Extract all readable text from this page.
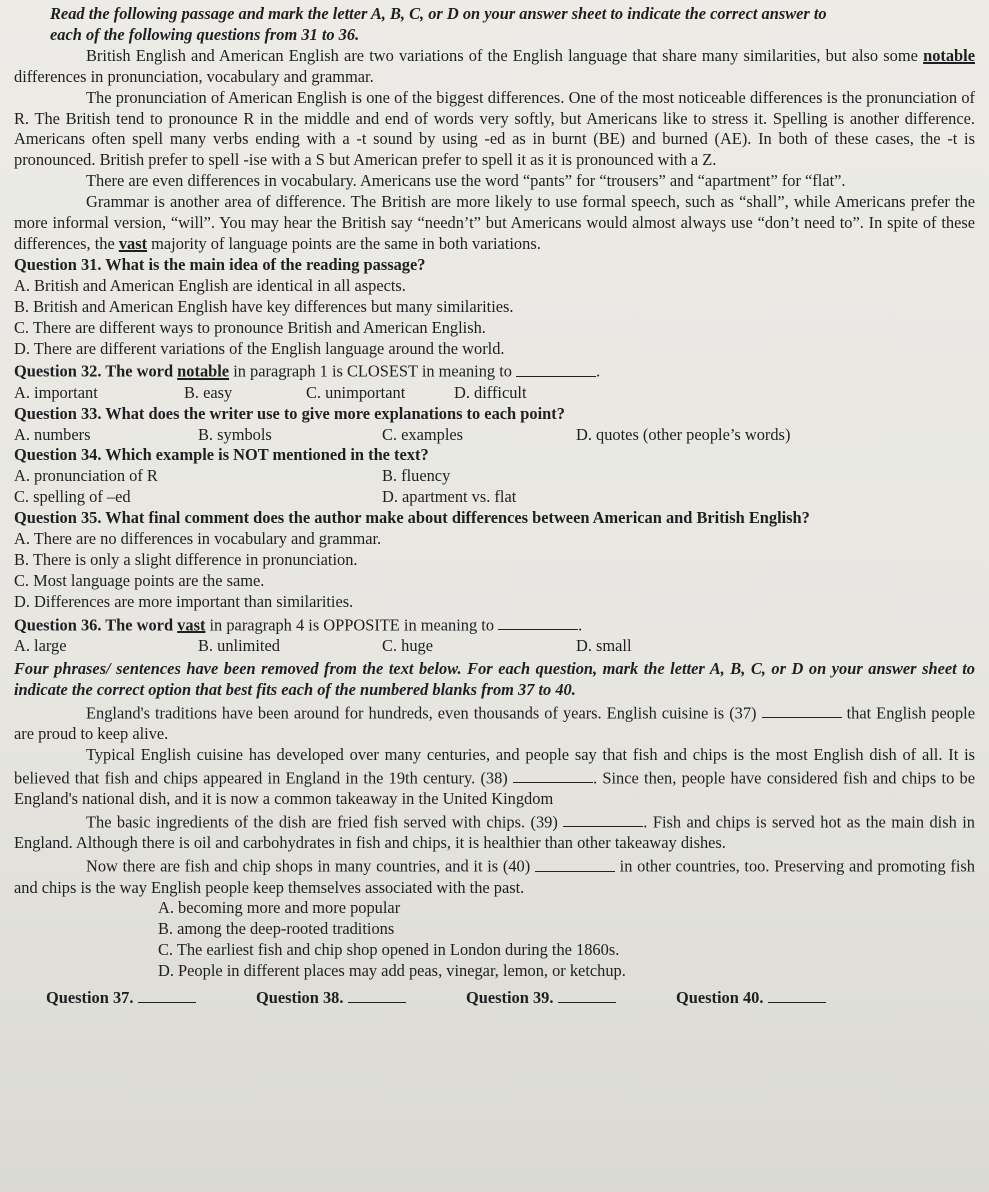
Read the following passage and mark the letter A, B, C, or D on your answer sheet to indicate the correct answer to
each of the following questions from 31 to 36.

British English and American English are two variations of the English language that share many similarities, but also some notable differences in pronunciation, vocabulary and grammar.

The pronunciation of American English is one of the biggest differences. One of the most noticeable differences is the pronunciation of R. The British tend to pronounce R in the middle and end of words very softly, but Americans like to stress it. Spelling is another difference. Americans often spell many verbs ending with a -t sound by using -ed as in burnt (BE) and burned (AE). In both of these cases, the -t is pronounced. British prefer to spell -ise with a S but American prefer to spell it as it is pronounced with a Z.

There are even differences in vocabulary. Americans use the word “pants” for “trousers” and “apartment” for “flat”.

Grammar is another area of difference. The British are more likely to use formal speech, such as “shall”, while Americans prefer the more informal version, “will”. You may hear the British say “needn’t” but Americans would almost always use “don’t need to”. In spite of these differences, the vast majority of language points are the same in both variations.

Question 31. What is the main idea of the reading passage?

A. British and American English are identical in all aspects.

B. British and American English have key differences but many similarities.

C. There are different ways to pronounce British and American English.

D. There are different variations of the English language around the world.

Question 32. The word notable in paragraph 1 is CLOSEST in meaning to	.

A. important	B. easy	C. unimportant	D. difficult

Question 33. What does the writer use to give more explanations to each point?

A. numbers	B. symbols	C. examples	D. quotes (other people’s words)

Question 34. Which example is NOT mentioned in the text?

A. pronunciation of R	B. fluency
C. spelling of –ed	D. apartment vs. flat

Question 35. What final comment does the author make about differences between American and British English?

A. There are no differences in vocabulary and grammar.

B. There is only a slight difference in pronunciation.

C. Most language points are the same.

D. Differences are more important than similarities.

Question 36. The word vast in paragraph 4 is OPPOSITE in meaning to	.

A. large	B. unlimited	C. huge	D. small

Four phrases/ sentences have been removed from the text below. For each question, mark the letter A, B, C, or D on your answer sheet to indicate the correct option that best fits each of the numbered blanks from 37 to 40.

England's traditions have been around for hundreds, even thousands of years. English cuisine is (37)	that English people are proud to keep alive.

Typical English cuisine has developed over many centuries, and people say that fish and chips is the most English dish of all. It is believed that fish and chips appeared in England in the 19th century. (38)	. Since then, people have considered fish and chips to be England's national dish, and it is now a common takeaway in the United Kingdom

The basic ingredients of the dish are fried fish served with chips. (39)	. Fish and chips is served hot as the main dish in England. Although there is oil and carbohydrates in fish and chips, it is healthier than other takeaway dishes.

Now there are fish and chip shops in many countries, and it is (40)	in other countries, too. Preserving and promoting fish and chips is the way English people keep themselves associated with the past.

A. becoming more and more popular

B. among the deep-rooted traditions

C. The earliest fish and chip shop opened in London during the 1860s.

D. People in different places may add peas, vinegar, lemon, or ketchup.

Question 37.	Question 38.	Question 39.	Question 40.
